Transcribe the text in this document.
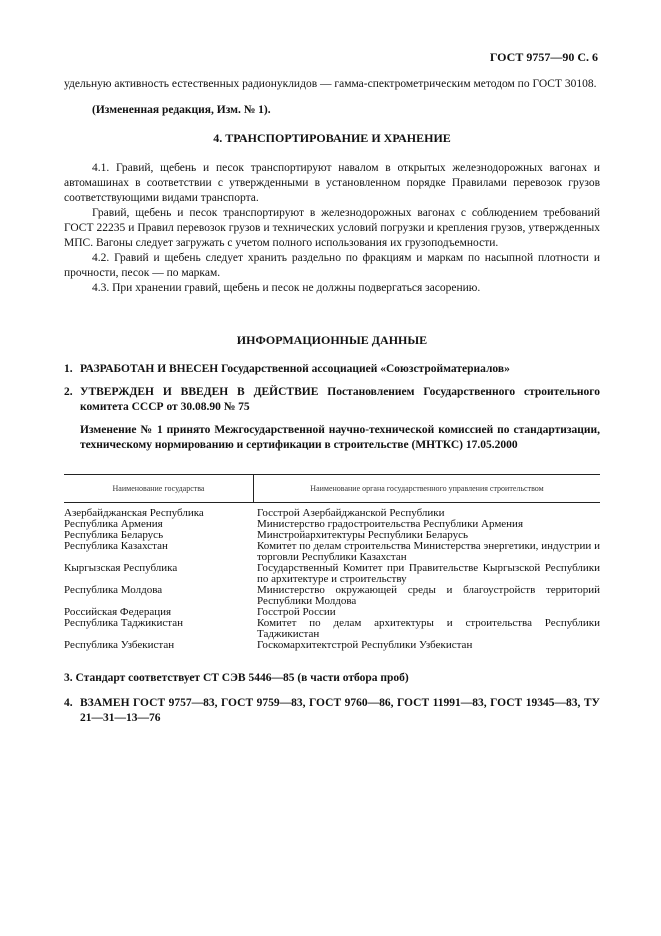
ГОСТ 9757—90 С. 6

удельную активность естественных радионуклидов — гамма-спектрометрическим методом по ГОСТ 30108.

(Измененная редакция, Изм. № 1).

4. ТРАНСПОРТИРОВАНИЕ И ХРАНЕНИЕ

4.1. Гравий, щебень и песок транспортируют навалом в открытых железнодорожных вагонах и автомашинах в соответствии с утвержденными в установленном порядке Правилами перевозок грузов соответствующими видами транспорта.

Гравий, щебень и песок транспортируют в железнодорожных вагонах с соблюдением требований ГОСТ 22235 и Правил перевозок грузов и технических условий погрузки и крепления грузов, утвержденных МПС. Вагоны следует загружать с учетом полного использования их грузоподъемности.

4.2. Гравий и щебень следует хранить раздельно по фракциям и маркам по насыпной плотности и прочности, песок — по маркам.

4.3. При хранении гравий, щебень и песок не должны подвергаться засорению.

ИНФОРМАЦИОННЫЕ ДАННЫЕ
1. РАЗРАБОТАН И ВНЕСЕН Государственной ассоциацией «Союзстройматериалов»
2. УТВЕРЖДЕН И ВВЕДЕН В ДЕЙСТВИЕ Постановлением Государственного строительного комитета СССР от 30.08.90 № 75

Изменение № 1 принято Межгосударственной научно-технической комиссией по стандартизации, техническому нормированию и сертификации в строительстве (МНТКС) 17.05.2000

Наименование государства	Наименование органа государственного управления строительством
Азербайджанская Республика	Госстрой Азербайджанской Республики
Республика Армения	Министерство градостроительства Республики Армения
Республика Беларусь	Минстройархитектуры Республики Беларусь
Республика Казахстан	Комитет по делам строительства Министерства энергетики, индустрии и торговли Республики Казахстан
Кыргызская Республика	Государственный Комитет при Правительстве Кыргызской Республики по архитектуре и строительству
Республика Молдова	Министерство окружающей среды и благоустройств территорий Республики Молдова
Российская Федерация	Госстрой России
Республика Таджикистан	Комитет по делам архитектуры и строительства Республики Таджикистан
Республика Узбекистан	Госкомархитектстрой Республики Узбекистан
3. Стандарт соответствует СТ СЭВ 5446—85 (в части отбора проб)
4. ВЗАМЕН ГОСТ 9757—83, ГОСТ 9759—83, ГОСТ 9760—86, ГОСТ 11991—83, ГОСТ 19345—83, ТУ 21—31—13—76
